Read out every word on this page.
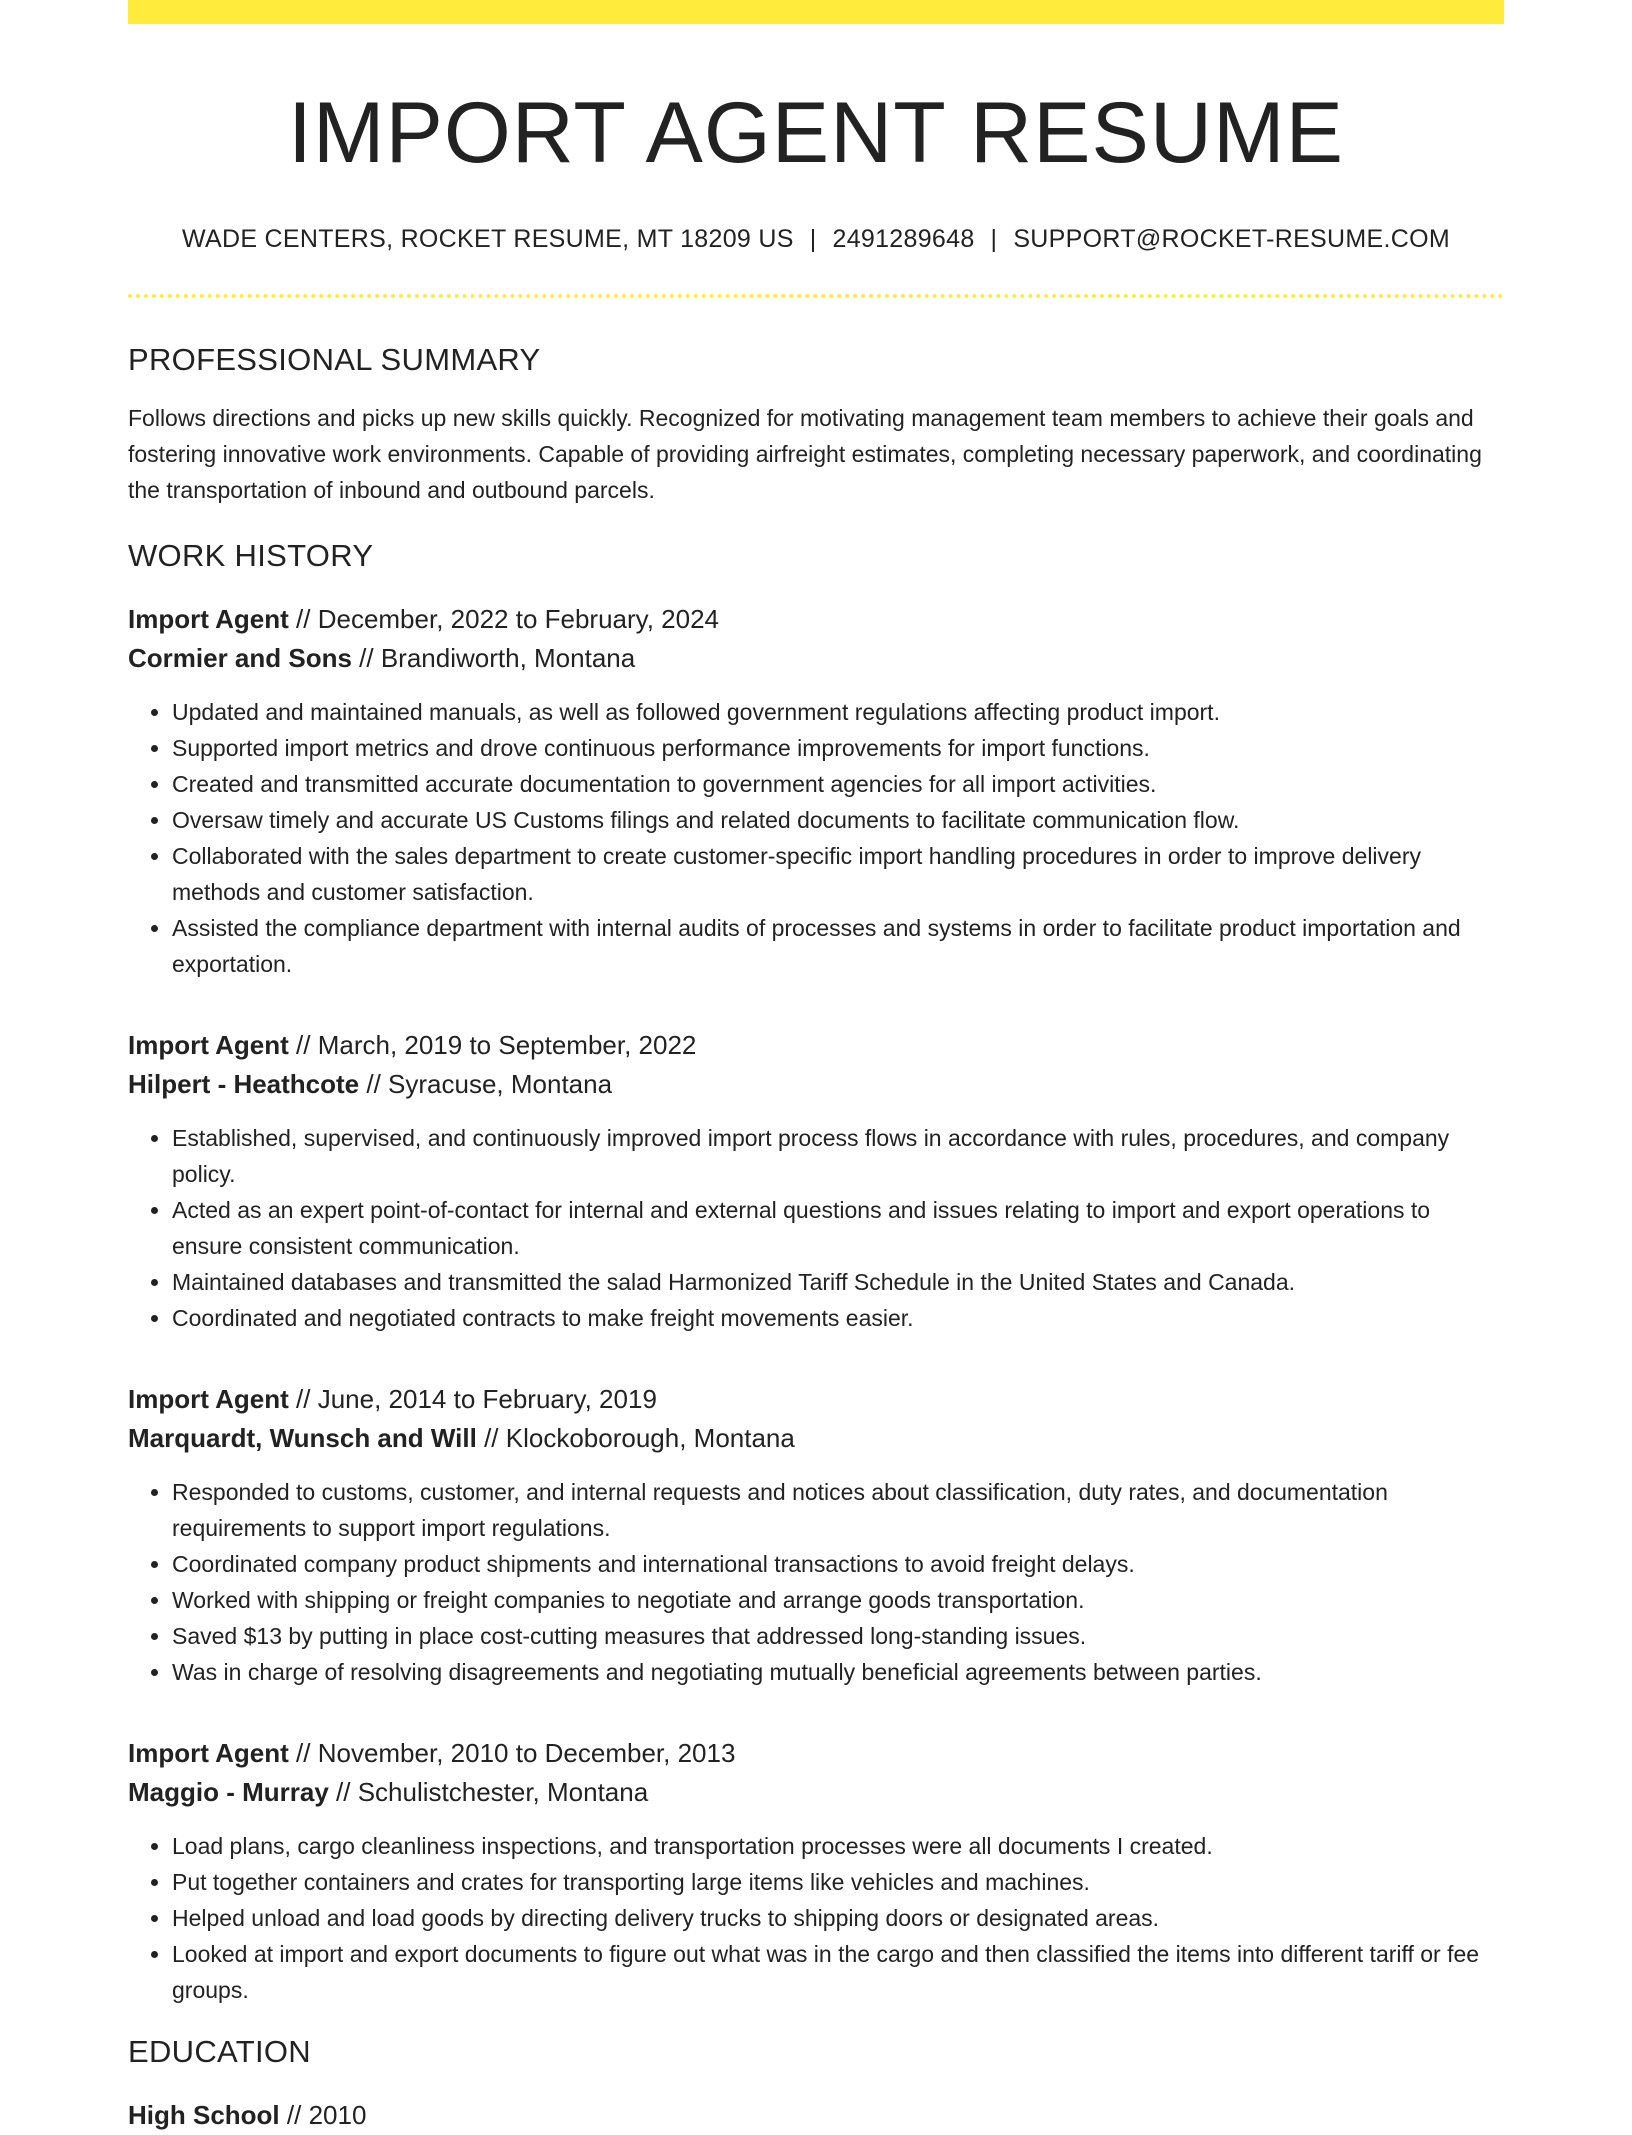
IMPORT AGENT RESUME
WADE CENTERS, ROCKET RESUME, MT 18209 US | 2491289648 | SUPPORT@ROCKET-RESUME.COM
PROFESSIONAL SUMMARY

Follows directions and picks up new skills quickly. Recognized for motivating management team members to achieve their goals and fostering innovative work environments. Capable of providing airfreight estimates, completing necessary paperwork, and coordinating the transportation of inbound and outbound parcels.

WORK HISTORY
Import Agent // December, 2022 to February, 2024
Cormier and Sons // Brandiworth, Montana
• Updated and maintained manuals, as well as followed government regulations affecting product import.
• Supported import metrics and drove continuous performance improvements for import functions.
• Created and transmitted accurate documentation to government agencies for all import activities.
• Oversaw timely and accurate US Customs filings and related documents to facilitate communication flow.
• Collaborated with the sales department to create customer-specific import handling procedures in order to improve delivery methods and customer satisfaction.
• Assisted the compliance department with internal audits of processes and systems in order to facilitate product importation and exportation.
Import Agent // March, 2019 to September, 2022
Hilpert - Heathcote // Syracuse, Montana
• Established, supervised, and continuously improved import process flows in accordance with rules, procedures, and company policy.
• Acted as an expert point-of-contact for internal and external questions and issues relating to import and export operations to ensure consistent communication.
• Maintained databases and transmitted the salad Harmonized Tariff Schedule in the United States and Canada.
• Coordinated and negotiated contracts to make freight movements easier.
Import Agent // June, 2014 to February, 2019
Marquardt, Wunsch and Will // Klockoborough, Montana
• Responded to customs, customer, and internal requests and notices about classification, duty rates, and documentation requirements to support import regulations.
• Coordinated company product shipments and international transactions to avoid freight delays.
• Worked with shipping or freight companies to negotiate and arrange goods transportation.
• Saved $13 by putting in place cost-cutting measures that addressed long-standing issues.
• Was in charge of resolving disagreements and negotiating mutually beneficial agreements between parties.
Import Agent // November, 2010 to December, 2013
Maggio - Murray // Schulistchester, Montana
• Load plans, cargo cleanliness inspections, and transportation processes were all documents I created.
• Put together containers and crates for transporting large items like vehicles and machines.
• Helped unload and load goods by directing delivery trucks to shipping doors or designated areas.
• Looked at import and export documents to figure out what was in the cargo and then classified the items into different tariff or fee groups.
EDUCATION
High School // 2010
